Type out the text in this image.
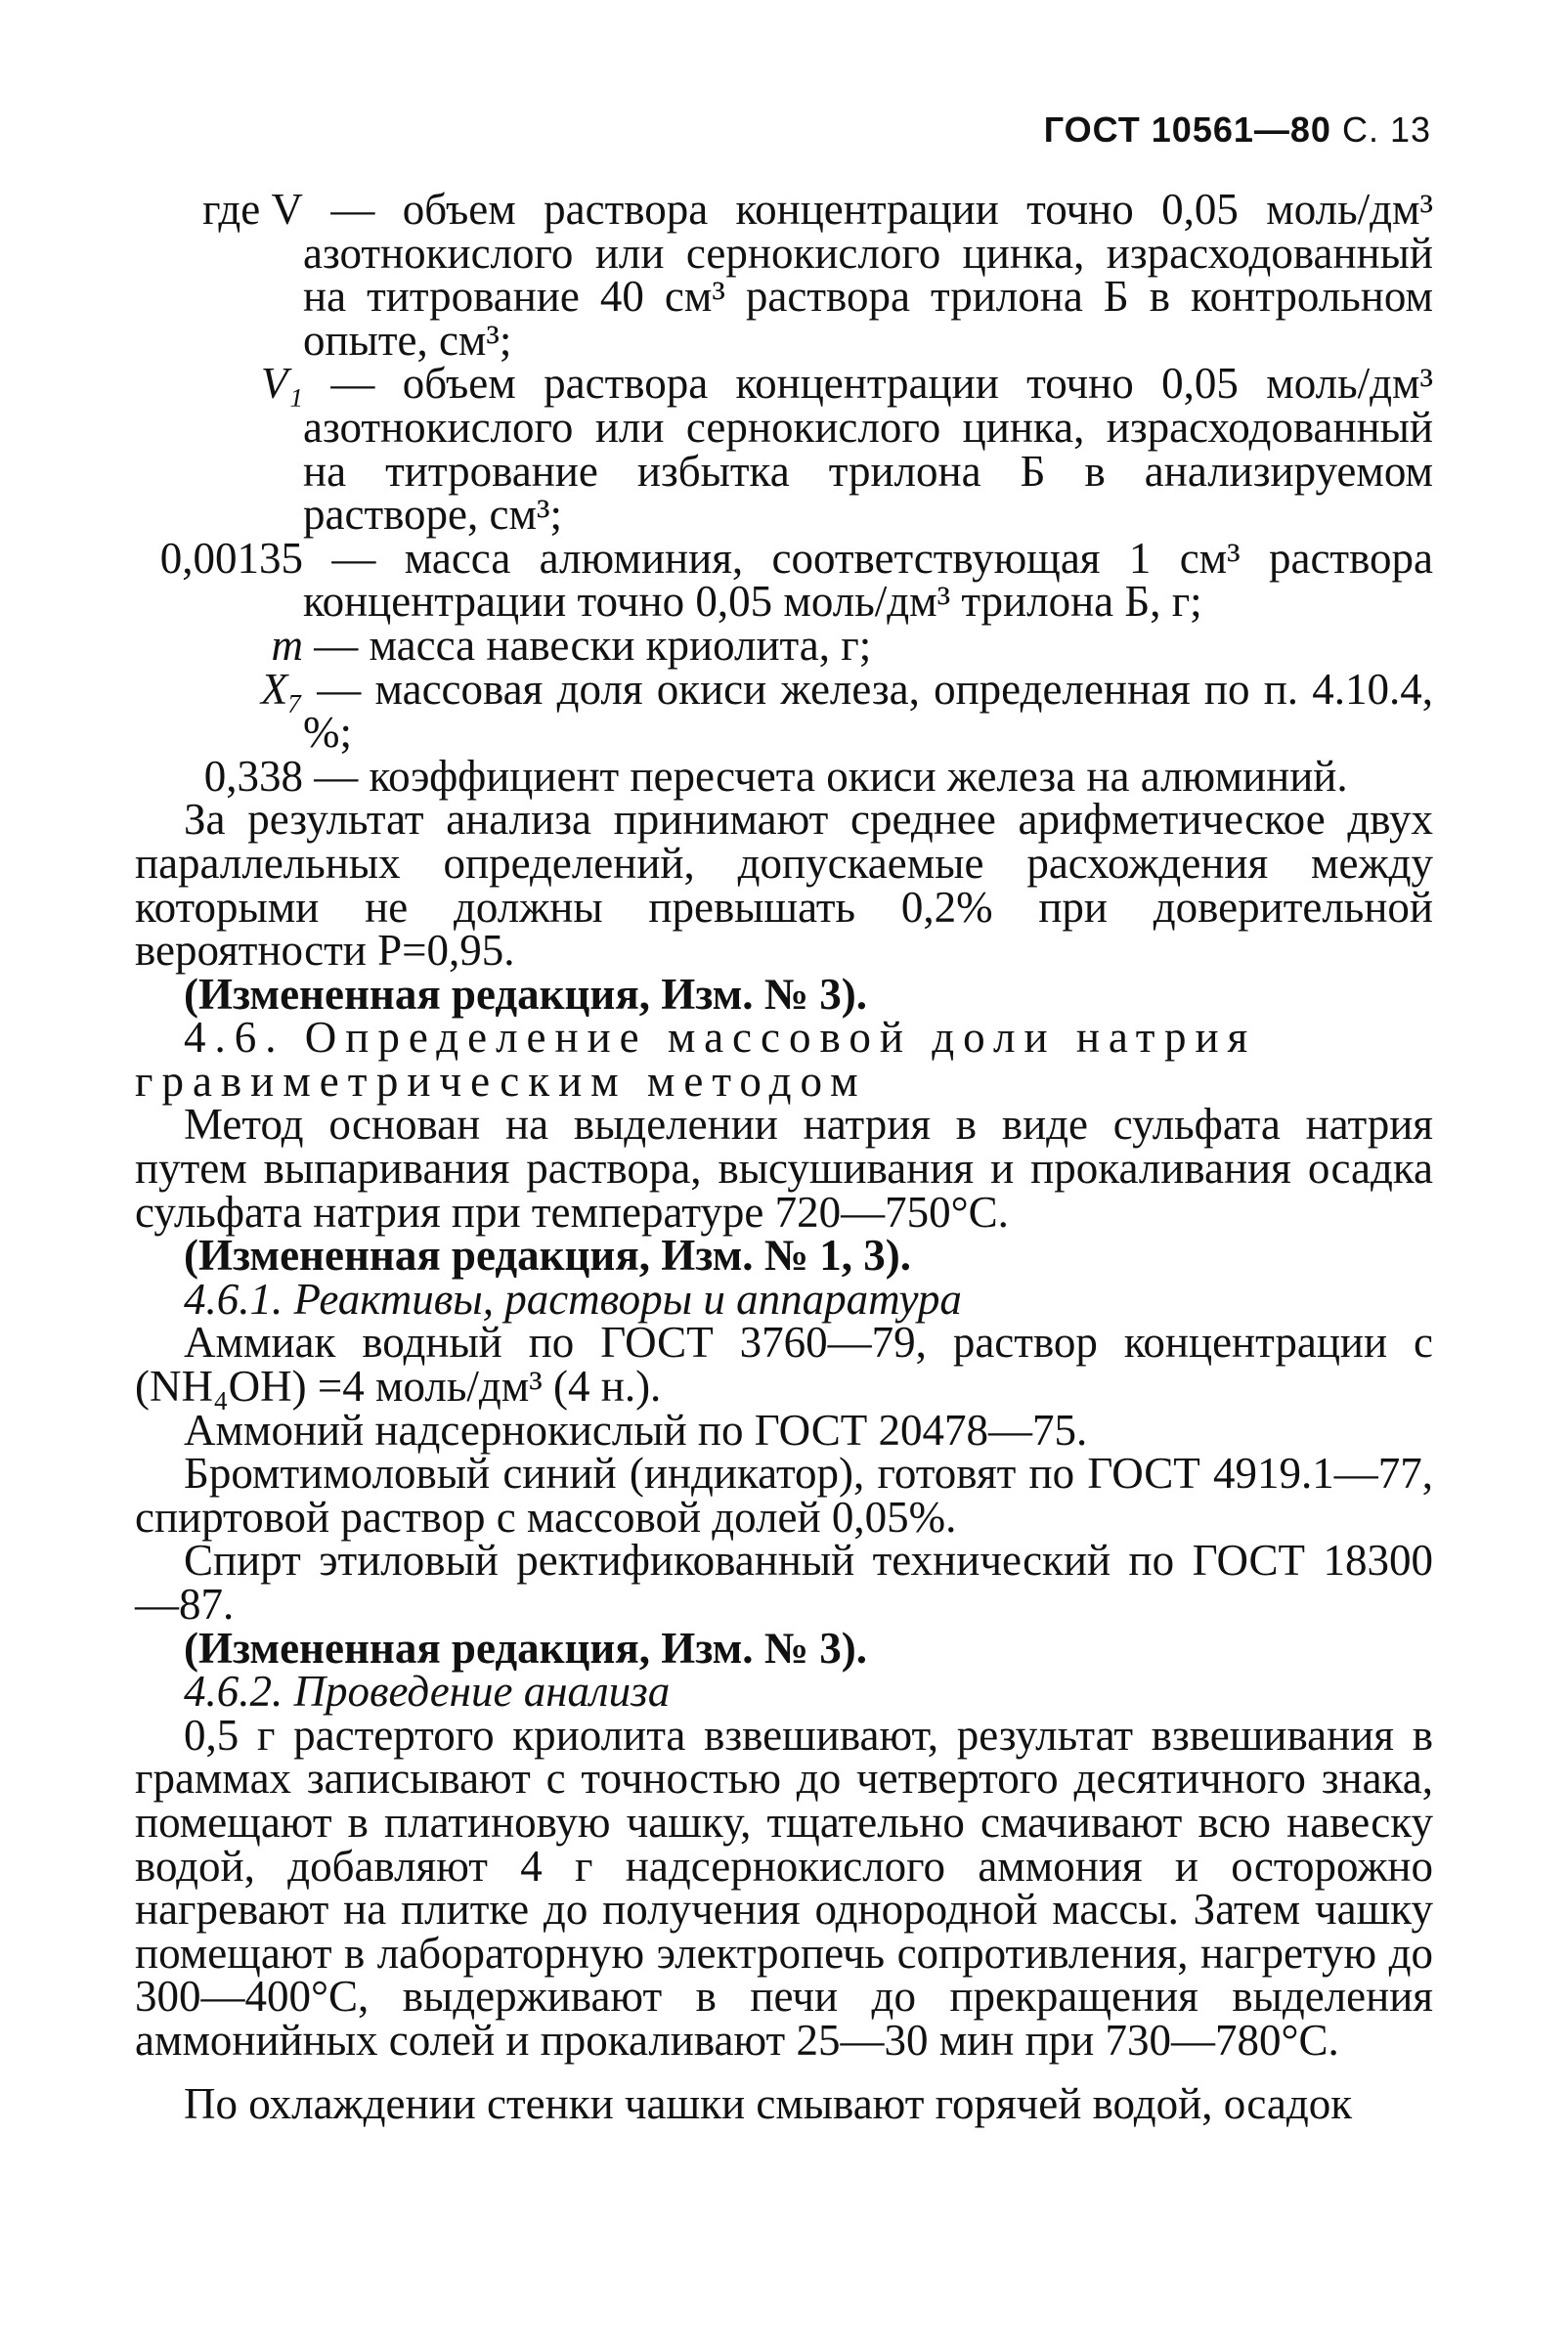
ГОСТ 10561—80 С. 13
где V — объем раствора концентрации точно 0,05 моль/дм³ азотнокислого или сернокислого цинка, израсходованный на титрование 40 см³ раствора трилона Б в контрольном опыте, см³;
V₁ — объем раствора концентрации точно 0,05 моль/дм³ азотнокислого или сернокислого цинка, израсходованный на титрование избытка трилона Б в анализируемом растворе, см³;
0,00135 — масса алюминия, соответствующая 1 см³ раствора концентрации точно 0,05 моль/дм³ трилона Б, г;
m — масса навески криолита, г;
X₇ — массовая доля окиси железа, определенная по п. 4.10.4, %;
0,338 — коэффициент пересчета окиси железа на алюминий.

За результат анализа принимают среднее арифметическое двух параллельных определений, допускаемые расхождения между которыми не должны превышать 0,2% при доверительной вероятности P=0,95.

(Измененная редакция, Изм. № 3).

4.6. Определение массовой доли натрия гравиметрическим методом

Метод основан на выделении натрия в виде сульфата натрия путем выпаривания раствора, высушивания и прокаливания осадка сульфата натрия при температуре 720—750°С.

(Измененная редакция, Изм. № 1, 3).

4.6.1. Реактивы, растворы и аппаратура

Аммиак водный по ГОСТ 3760—79, раствор концентрации c (NH₄OH) =4 моль/дм³ (4 н.).

Аммоний надсернокислый по ГОСТ 20478—75.

Бромтимоловый синий (индикатор), готовят по ГОСТ 4919.1—77, спиртовой раствор с массовой долей 0,05%.

Спирт этиловый ректификованный технический по ГОСТ 18300—87.

(Измененная редакция, Изм. № 3).

4.6.2. Проведение анализа

0,5 г растертого криолита взвешивают, результат взвешивания в граммах записывают с точностью до четвертого десятичного знака, помещают в платиновую чашку, тщательно смачивают всю навеску водой, добавляют 4 г надсернокислого аммония и осторожно нагревают на плитке до получения однородной массы. Затем чашку помещают в лабораторную электропечь сопротивления, нагретую до 300—400°С, выдерживают в печи до прекращения выделения аммонийных солей и прокаливают 25—30 мин при 730—780°С.

По охлаждении стенки чашки смывают горячей водой, осадок
